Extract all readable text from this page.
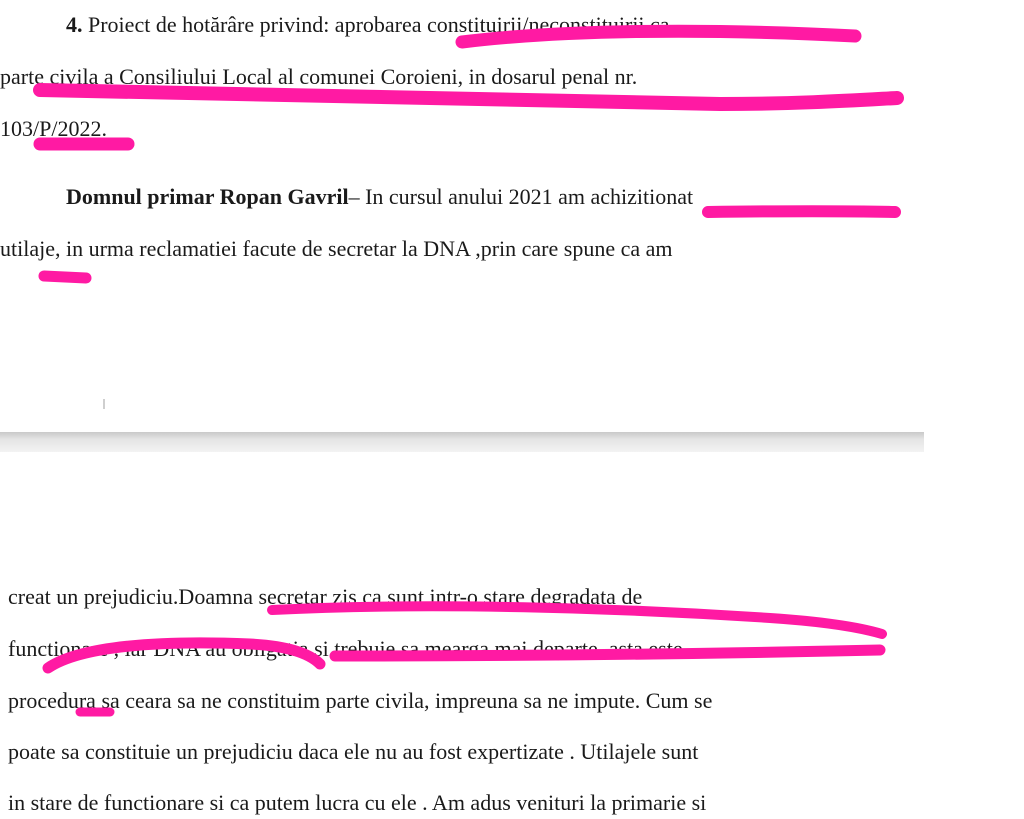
4. Proiect de hotărâre privind: aprobarea constituirii/neconstituirii ca
parte civila a Consiliului Local al comunei Coroieni, in dosarul penal nr.
103/P/2022.
Domnul primar Ropan Gavril– In cursul anului 2021 am achizitionat
utilaje, in urma reclamatiei facute de secretar la DNA ,prin care spune ca am
creat un prejudiciu.Doamna secretar zis ca sunt intr-o stare degradata de
functionare , iar DNA au obligatia si trebuie sa mearga mai departe, asta este
procedura sa ceara sa ne constituim parte civila, impreuna sa ne impute. Cum se
poate sa constituie un prejudiciu daca ele nu au fost expertizate . Utilajele sunt
in stare de functionare si ca putem lucra cu ele . Am adus venituri la primarie si
